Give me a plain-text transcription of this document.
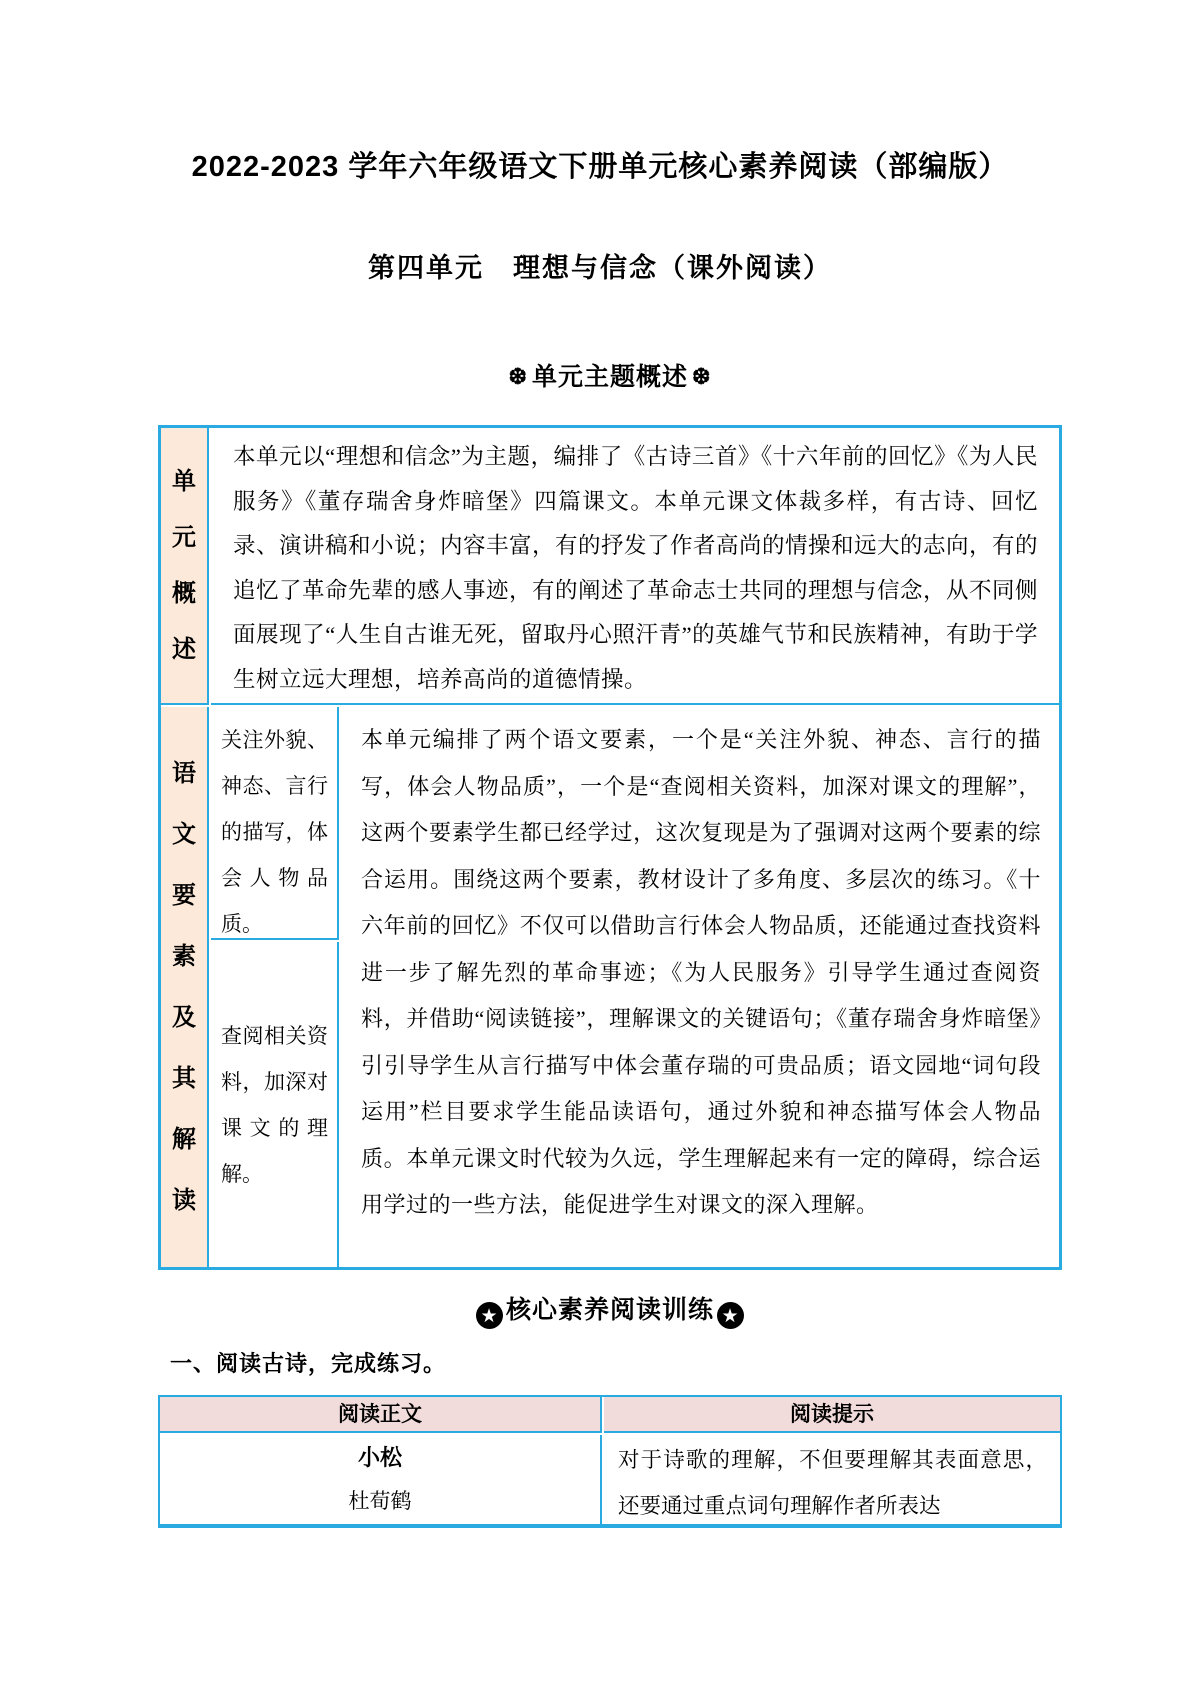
2022-2023 学年六年级语文下册单元核心素养阅读（部编版）
第四单元　理想与信念（课外阅读）
❆ 单元主题概述 ❆
单元概述
本单元以“理想和信念”为主题，编排了《古诗三首》《十六年前的回忆》《为人民服务》《董存瑞舍身炸暗堡》四篇课文。本单元课文体裁多样，有古诗、回忆录、演讲稿和小说；内容丰富，有的抒发了作者高尚的情操和远大的志向，有的追忆了革命先辈的感人事迹，有的阐述了革命志士共同的理想与信念，从不同侧面展现了“人生自古谁无死，留取丹心照汗青”的英雄气节和民族精神，有助于学生树立远大理想，培养高尚的道德情操。
语文要素及其解读
关注外貌、神态、言行的描写，体会人物品质。
查阅相关资料，加深对课文的理解。
本单元编排了两个语文要素，一个是“关注外貌、神态、言行的描写，体会人物品质”，一个是“查阅相关资料，加深对课文的理解”，这两个要素学生都已经学过，这次复现是为了强调对这两个要素的综合运用。围绕这两个要素，教材设计了多角度、多层次的练习。《十六年前的回忆》不仅可以借助言行体会人物品质，还能通过查找资料进一步了解先烈的革命事迹；《为人民服务》引导学生通过查阅资料，并借助“阅读链接”，理解课文的关键语句；《董存瑞舍身炸暗堡》引引导学生从言行描写中体会董存瑞的可贵品质；语文园地“词句段运用”栏目要求学生能品读语句，通过外貌和神态描写体会人物品质。本单元课文时代较为久远，学生理解起来有一定的障碍，综合运用学过的一些方法，能促进学生对课文的深入理解。
★ 核心素养阅读训练 ★
一、阅读古诗，完成练习。
阅读正文	阅读提示
小松
杜荀鹤
对于诗歌的理解，不但要理解其表面意思，还要通过重点词句理解作者所表达
